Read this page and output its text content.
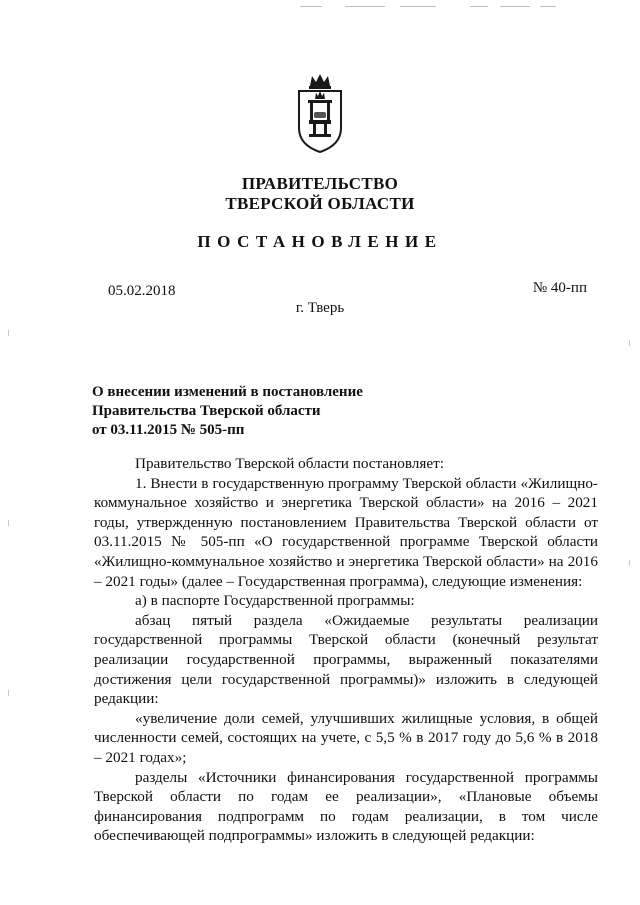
ПРАВИТЕЛЬСТВО
ТВЕРСКОЙ ОБЛАСТИ
ПОСТАНОВЛЕНИЕ
05.02.2018	№ 40-пп
г. Тверь
О внесении изменений в постановление
Правительства Тверской области
от 03.11.2015 № 505-пп

Правительство Тверской области постановляет:

1. Внести в государственную программу Тверской области «Жилищно-коммунальное хозяйство и энергетика Тверской области» на 2016 – 2021 годы, утвержденную постановлением Правительства Тверской области от 03.11.2015 № 505-пп «О государственной программе Тверской области «Жилищно-коммунальное хозяйство и энергетика Тверской области» на 2016 – 2021 годы» (далее – Государственная программа), следующие изменения:

а) в паспорте Государственной программы:

абзац пятый раздела «Ожидаемые результаты реализации государственной программы Тверской области (конечный результат реализации государственной программы, выраженный показателями достижения цели государственной программы)» изложить в следующей редакции:

«увеличение доли семей, улучшивших жилищные условия, в общей численности семей, состоящих на учете, с 5,5 % в 2017 году до 5,6 % в 2018 – 2021 годах»;

разделы «Источники финансирования государственной программы Тверской области по годам ее реализации», «Плановые объемы финансирования подпрограмм по годам реализации, в том числе обеспечивающей подпрограммы» изложить в следующей редакции:
